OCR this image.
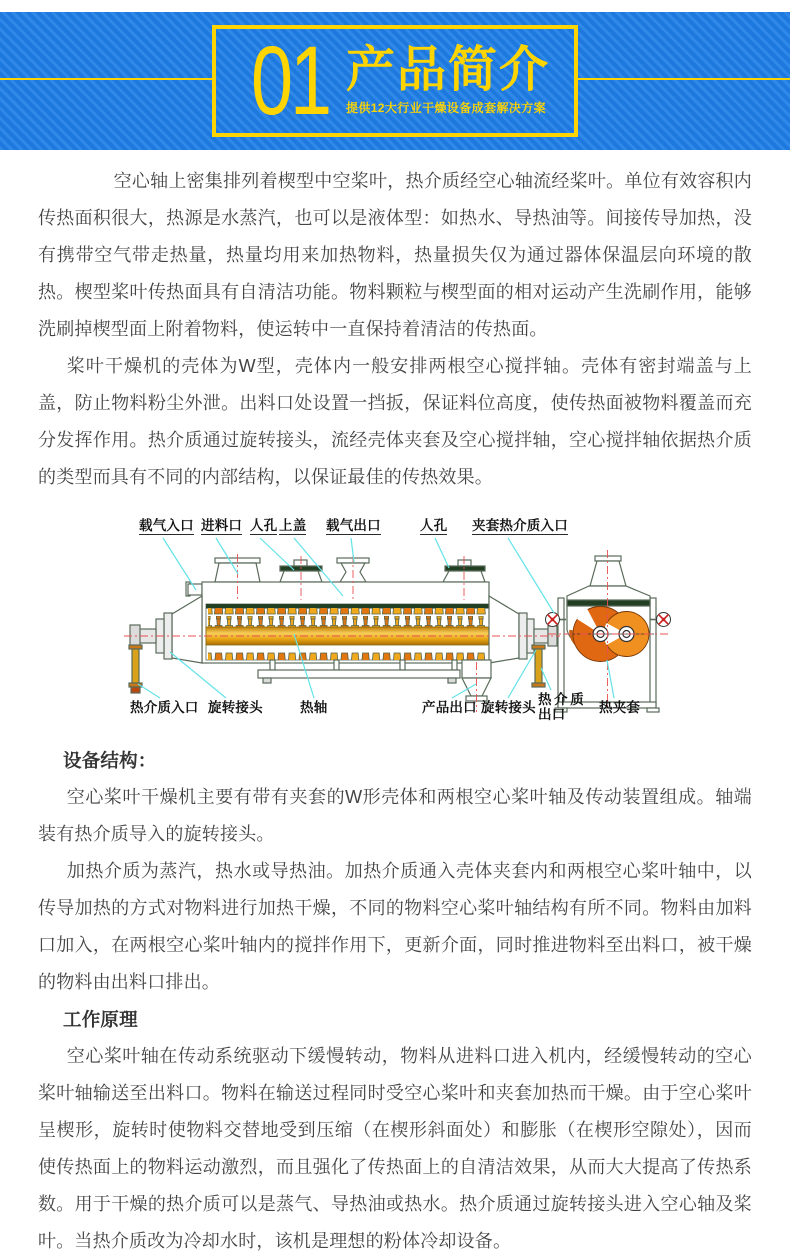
01 产品简介
提供12大行业干燥设备成套解决方案

空心轴上密集排列着楔型中空桨叶，热介质经空心轴流经桨叶。单位有效容积内传热面积很大，热源是水蒸汽，也可以是液体型：如热水、导热油等。间接传导加热，没有携带空气带走热量，热量均用来加热物料，热量损失仅为通过器体保温层向环境的散热。楔型桨叶传热面具有自清洁功能。物料颗粒与楔型面的相对运动产生洗刷作用，能够洗刷掉楔型面上附着物料，使运转中一直保持着清洁的传热面。

桨叶干燥机的壳体为W型，壳体内一般安排两根空心搅拌轴。壳体有密封端盖与上盖，防止物料粉尘外泄。出料口处设置一挡扳，保证料位高度，使传热面被物料覆盖而充分发挥作用。热介质通过旋转接头，流经壳体夹套及空心搅拌轴，空心搅拌轴依据热介质的类型而具有不同的内部结构，以保证最佳的传热效果。

载气入口 进料口 人孔 上盖 载气出口	人孔 夹套热介质入口
热介质入口 旋转接头	热轴	产品出口 旋转接头
热介质出口	热夹套
设备结构：

空心桨叶干燥机主要有带有夹套的W形壳体和两根空心桨叶轴及传动装置组成。轴端装有热介质导入的旋转接头。

加热介质为蒸汽，热水或导热油。加热介质通入壳体夹套内和两根空心桨叶轴中，以传导加热的方式对物料进行加热干燥，不同的物料空心桨叶轴结构有所不同。物料由加料口加入，在两根空心桨叶轴内的搅拌作用下，更新介面，同时推进物料至出料口，被干燥的物料由出料口排出。

工作原理

空心桨叶轴在传动系统驱动下缓慢转动，物料从进料口进入机内，经缓慢转动的空心桨叶轴输送至出料口。物料在输送过程同时受空心桨叶和夹套加热而干燥。由于空心桨叶呈楔形，旋转时使物料交替地受到压缩（在楔形斜面处）和膨胀（在楔形空隙处），因而使传热面上的物料运动激烈，而且强化了传热面上的自清洁效果，从而大大提高了传热系数。用于干燥的热介质可以是蒸气、导热油或热水。热介质通过旋转接头进入空心轴及桨叶。当热介质改为冷却水时，该机是理想的粉体冷却设备。
